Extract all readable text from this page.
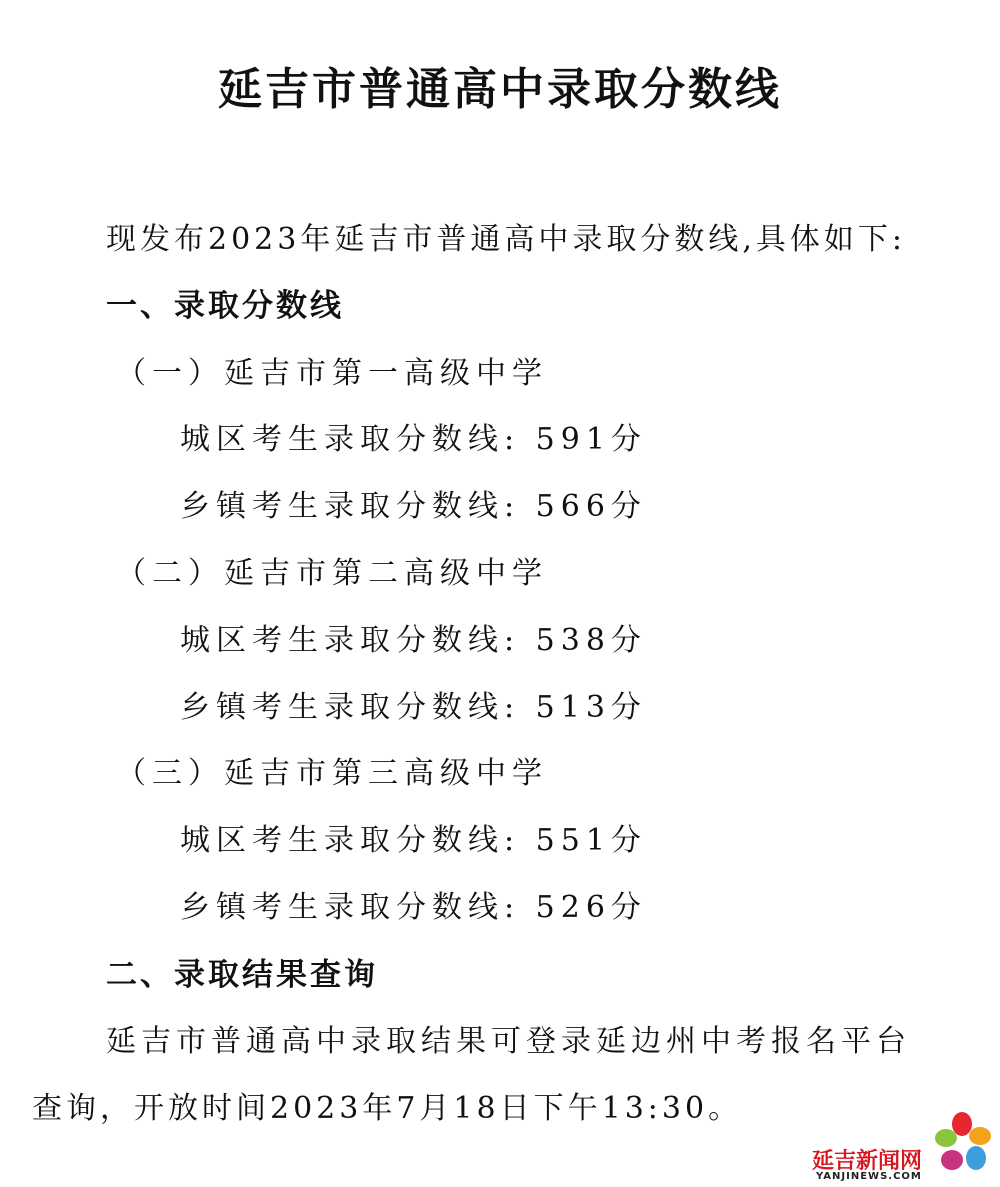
延吉市普通高中录取分数线
现发布2023年延吉市普通高中录取分数线,具体如下:
一、录取分数线
（一）延吉市第一高级中学
城区考生录取分数线: 591分
乡镇考生录取分数线: 566分
（二）延吉市第二高级中学
城区考生录取分数线: 538分
乡镇考生录取分数线: 513分
（三）延吉市第三高级中学
城区考生录取分数线: 551分
乡镇考生录取分数线: 526分
二、录取结果查询
延吉市普通高中录取结果可登录延边州中考报名平台
查询，开放时间2023年7月18日下午13:30。
延吉新闻网
YANJINEWS.COM
